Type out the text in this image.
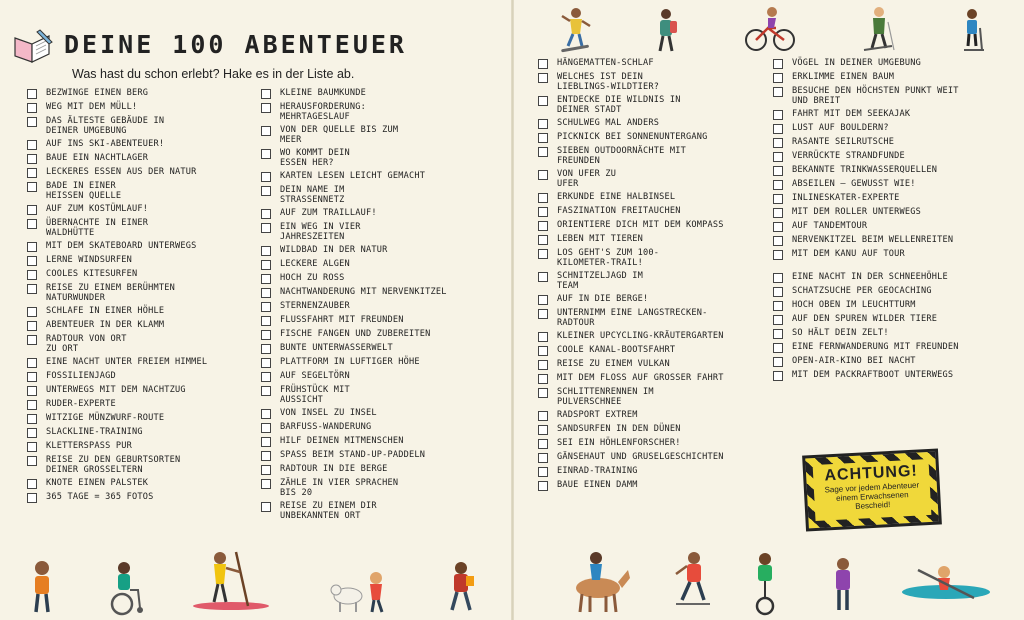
DEINE 100 ABENTEUER
Was hast du schon erlebt? Hake es in der Liste ab.
BEZWINGE EINEN BERG
WEG MIT DEM MÜLL!
DAS ÄLTESTE GEBÄUDE IN DEINER UMGEBUNG
AUF INS SKI-ABENTEUER!
BAUE EIN NACHTLAGER
LECKERES ESSEN AUS DER NATUR
BADE IN EINER HEISSEN QUELLE
AUF ZUM KOSTÜMLAUF!
ÜBERNACHTE IN EINER WALDHÜTTE
MIT DEM SKATEBOARD UNTERWEGS
LERNE WINDSURFEN
COOLES KITESURFEN
REISE ZU EINEM BERÜHMTEN NATURWUNDER
SCHLAFE IN EINER HÖHLE
ABENTEUER IN DER KLAMM
RADTOUR VON ORT ZU ORT
EINE NACHT UNTER FREIEM HIMMEL
FOSSILIENJAGD
UNTERWEGS MIT DEM NACHTZUG
RUDER-EXPERTE
WITZIGE MÜNZWURF-ROUTE
SLACKLINE-TRAINING
KLETTERSPASS PUR
REISE ZU DEN GEBURTSORTEN DEINER GROSSELTERN
KNOTE EINEN PALSTEK
365 TAGE = 365 FOTOS
KLEINE BAUMKUNDE
HERAUSFORDERUNG: MEHRTAGESLAUF
VON DER QUELLE BIS ZUM MEER
WO KOMMT DEIN ESSEN HER?
KARTEN LESEN LEICHT GEMACHT
DEIN NAME IM STRASSENNETZ
AUF ZUM TRAILLAUF!
EIN WEG IN VIER JAHRESZEITEN
WILDBAD IN DER NATUR
LECKERE ALGEN
HOCH ZU ROSS
NACHTWANDERUNG MIT NERVENKITZEL
STERNENZAUBER
FLUSSFAHRT MIT FREUNDEN
FISCHE FANGEN UND ZUBEREITEN
BUNTE UNTERWASSERWELT
PLATTFORM IN LUFTIGER HÖHE
AUF SEGELTÖRN
FRÜHSTÜCK MIT AUSSICHT
VON INSEL ZU INSEL
BARFUSS-WANDERUNG
HILF DEINEN MITMENSCHEN
SPASS BEIM STAND-UP-PADDELN
RADTOUR IN DIE BERGE
ZÄHLE IN VIER SPRACHEN BIS 20
REISE ZU EINEM DIR UNBEKANNTEN ORT
HÄNGEMATTEN-SCHLAF
WELCHES IST DEIN LIEBLINGS-WILDTIER?
ENTDECKE DIE WILDNIS IN DEINER STADT
SCHULWEG MAL ANDERS
PICKNICK BEI SONNENUNTERGANG
SIEBEN OUTDOORNÄCHTE MIT FREUNDEN
VON UFER ZU UFER
ERKUNDE EINE HALBINSEL
FASZINATION FREITAUCHEN
ORIENTIERE DICH MIT DEM KOMPASS
LEBEN MIT TIEREN
LOS GEHT'S ZUM 100-KILOMETER-TRAIL!
SCHNITZELJAGD IM TEAM
AUF IN DIE BERGE!
UNTERNIMM EINE LANGSTRECKEN-RADTOUR
KLEINER UPCYCLING-KRÄUTERGARTEN
COOLE KANAL-BOOTSFAHRT
REISE ZU EINEM VULKAN
MIT DEM FLOSS AUF GROSSER FAHRT
SCHLITTENRENNEN IM PULVERSCHNEE
RADSPORT EXTREM
SANDSURFEN IN DEN DÜNEN
SEI EIN HÖHLENFORSCHER!
GÄNSEHAUT UND GRUSELGESCHICHTEN
EINRAD-TRAINING
BAUE EINEN DAMM
VÖGEL IN DEINER UMGEBUNG
ERKLIMME EINEN BAUM
BESUCHE DEN HÖCHSTEN PUNKT WEIT UND BREIT
FAHRT MIT DEM SEEKAJAK
LUST AUF BOULDERN?
RASANTE SEILRUTSCHE
VERRÜCKTE STRANDFUNDE
BEKANNTE TRINKWASSERQUELLEN
ABSEILEN – GEWUSST WIE!
INLINESKATER-EXPERTE
MIT DEM ROLLER UNTERWEGS
AUF TANDEMTOUR
NERVENKITZEL BEIM WELLENREITEN
MIT DEM KANU AUF TOUR
EINE NACHT IN DER SCHNEEHÖHLE
SCHATZSUCHE PER GEOCACHING
HOCH OBEN IM LEUCHTTURM
AUF DEN SPUREN WILDER TIERE
SO HÄLT DEIN ZELT!
EINE FERNWANDERUNG MIT FREUNDEN
OPEN-AIR-KINO BEI NACHT
MIT DEM PACKRAFTBOOT UNTERWEGS
ACHTUNG!
Sage vor jedem Abenteuer einem Erwachsenen Bescheid!
